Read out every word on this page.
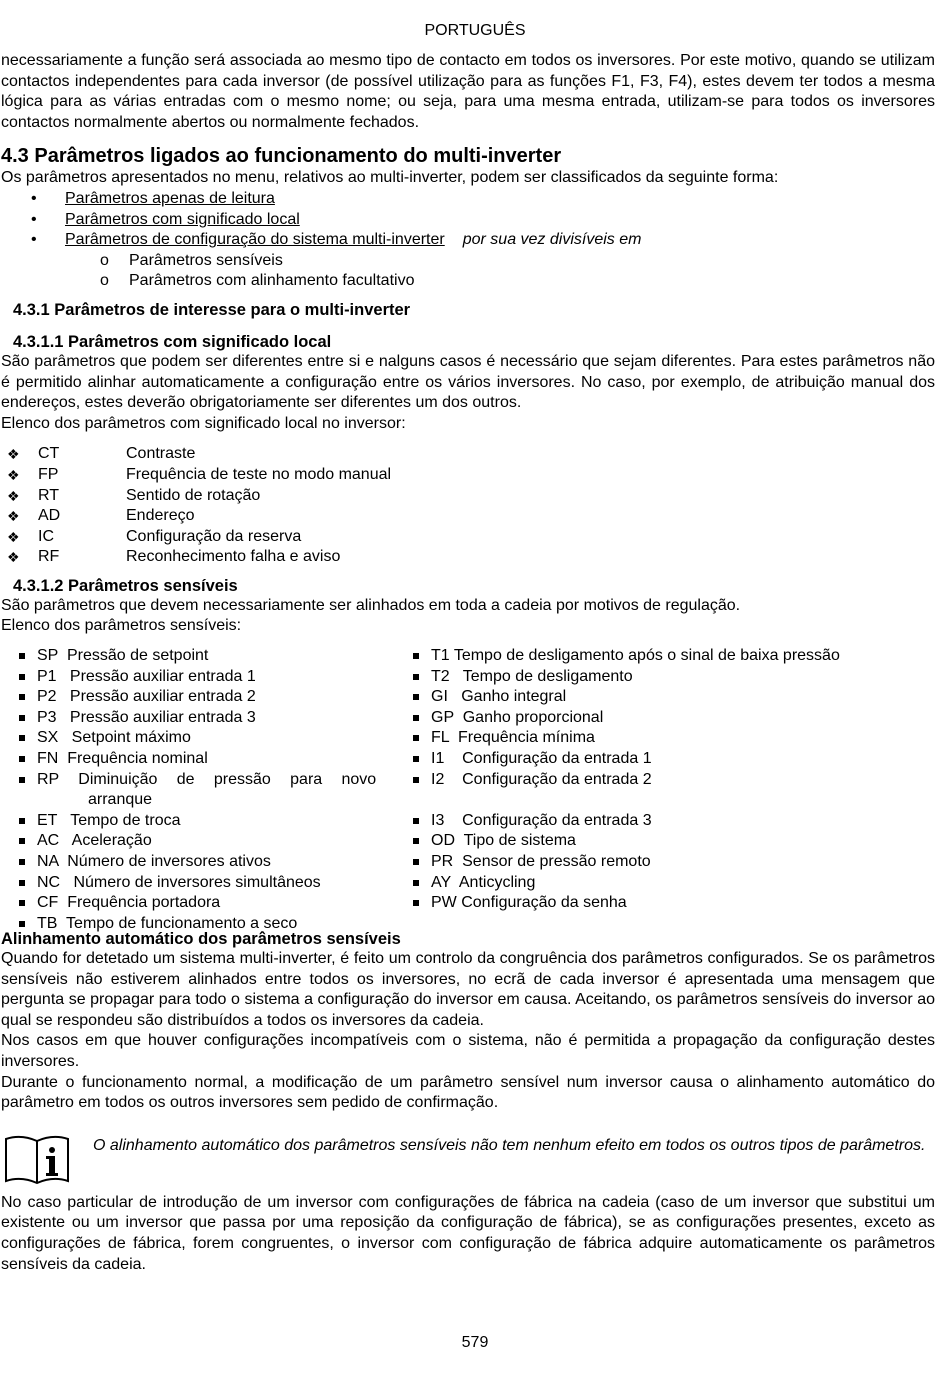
PORTUGUÊS

necessariamente a função será associada ao mesmo tipo de contacto em todos os inversores. Por este motivo, quando se utilizam contactos independentes para cada inversor (de possível utilização para as funções F1, F3, F4), estes devem ter todos a mesma lógica para as várias entradas com o mesmo nome; ou seja, para uma mesma entrada, utilizam-se para todos os inversores contactos normalmente abertos ou normalmente fechados.

4.3 Parâmetros ligados ao funcionamento do multi-inverter

Os parâmetros apresentados no menu, relativos ao multi-inverter, podem ser classificados da seguinte forma:

• Parâmetros apenas de leitura
• Parâmetros com significado local
• Parâmetros de configuração do sistema multi-inverter por sua vez divisíveis em
o Parâmetros sensíveis
o Parâmetros com alinhamento facultativo
4.3.1 Parâmetros de interesse para o multi-inverter
4.3.1.1 Parâmetros com significado local

São parâmetros que podem ser diferentes entre si e nalguns casos é necessário que sejam diferentes. Para estes parâmetros não é permitido alinhar automaticamente a configuração entre os vários inversores. No caso, por exemplo, de atribuição manual dos endereços, estes deverão obrigatoriamente ser diferentes um dos outros.

Elenco dos parâmetros com significado local no inversor:

❖ CT	Contraste
❖ FP	Frequência de teste no modo manual
❖ RT	Sentido de rotação
❖ AD	Endereço
❖ IC	Configuração da reserva
❖ RF	Reconhecimento falha e aviso
4.3.1.2 Parâmetros sensíveis

São parâmetros que devem necessariamente ser alinhados em toda a cadeia por motivos de regulação.

Elenco dos parâmetros sensíveis:

SP  Pressão de setpoint
P1   Pressão auxiliar entrada 1
P2   Pressão auxiliar entrada 2
P3   Pressão auxiliar entrada 3
SX   Setpoint máximo
FN  Frequência nominal
RP   Diminuição   de   pressão   para   novo
arranque
ET   Tempo de troca
AC   Aceleração
NA  Número de inversores ativos
NC   Número de inversores simultâneos
CF  Frequência portadora
TB  Tempo de funcionamento a seco
T1 Tempo de desligamento após o sinal de baixa pressão
T2   Tempo de desligamento
GI   Ganho integral
GP  Ganho proporcional
FL  Frequência mínima
I1    Configuração da entrada 1
I2    Configuração da entrada 2
I3    Configuração da entrada 3
OD  Tipo de sistema
PR  Sensor de pressão remoto
AY  Anticycling
PW Configuração da senha
Alinhamento automático dos parâmetros sensíveis

Quando for detetado um sistema multi-inverter, é feito um controlo da congruência dos parâmetros configurados. Se os parâmetros sensíveis não estiverem alinhados entre todos os inversores, no ecrã de cada inversor é apresentada uma mensagem que pergunta se propagar para todo o sistema a configuração do inversor em causa. Aceitando, os parâmetros sensíveis do inversor ao qual se respondeu são distribuídos a todos os inversores da cadeia.

Nos casos em que houver configurações incompatíveis com o sistema, não é permitida a propagação da configuração destes inversores.

Durante o funcionamento normal, a modificação de um parâmetro sensível num inversor causa o alinhamento automático do parâmetro em todos os outros inversores sem pedido de confirmação.

O alinhamento automático dos parâmetros sensíveis não tem nenhum efeito em todos os outros tipos de parâmetros.

No caso particular de introdução de um inversor com configurações de fábrica na cadeia (caso de um inversor que substitui um existente ou um inversor que passa por uma reposição da configuração de fábrica), se as configurações presentes, exceto as configurações de fábrica, forem congruentes, o inversor com configuração de fábrica adquire automaticamente os parâmetros sensíveis da cadeia.

579
